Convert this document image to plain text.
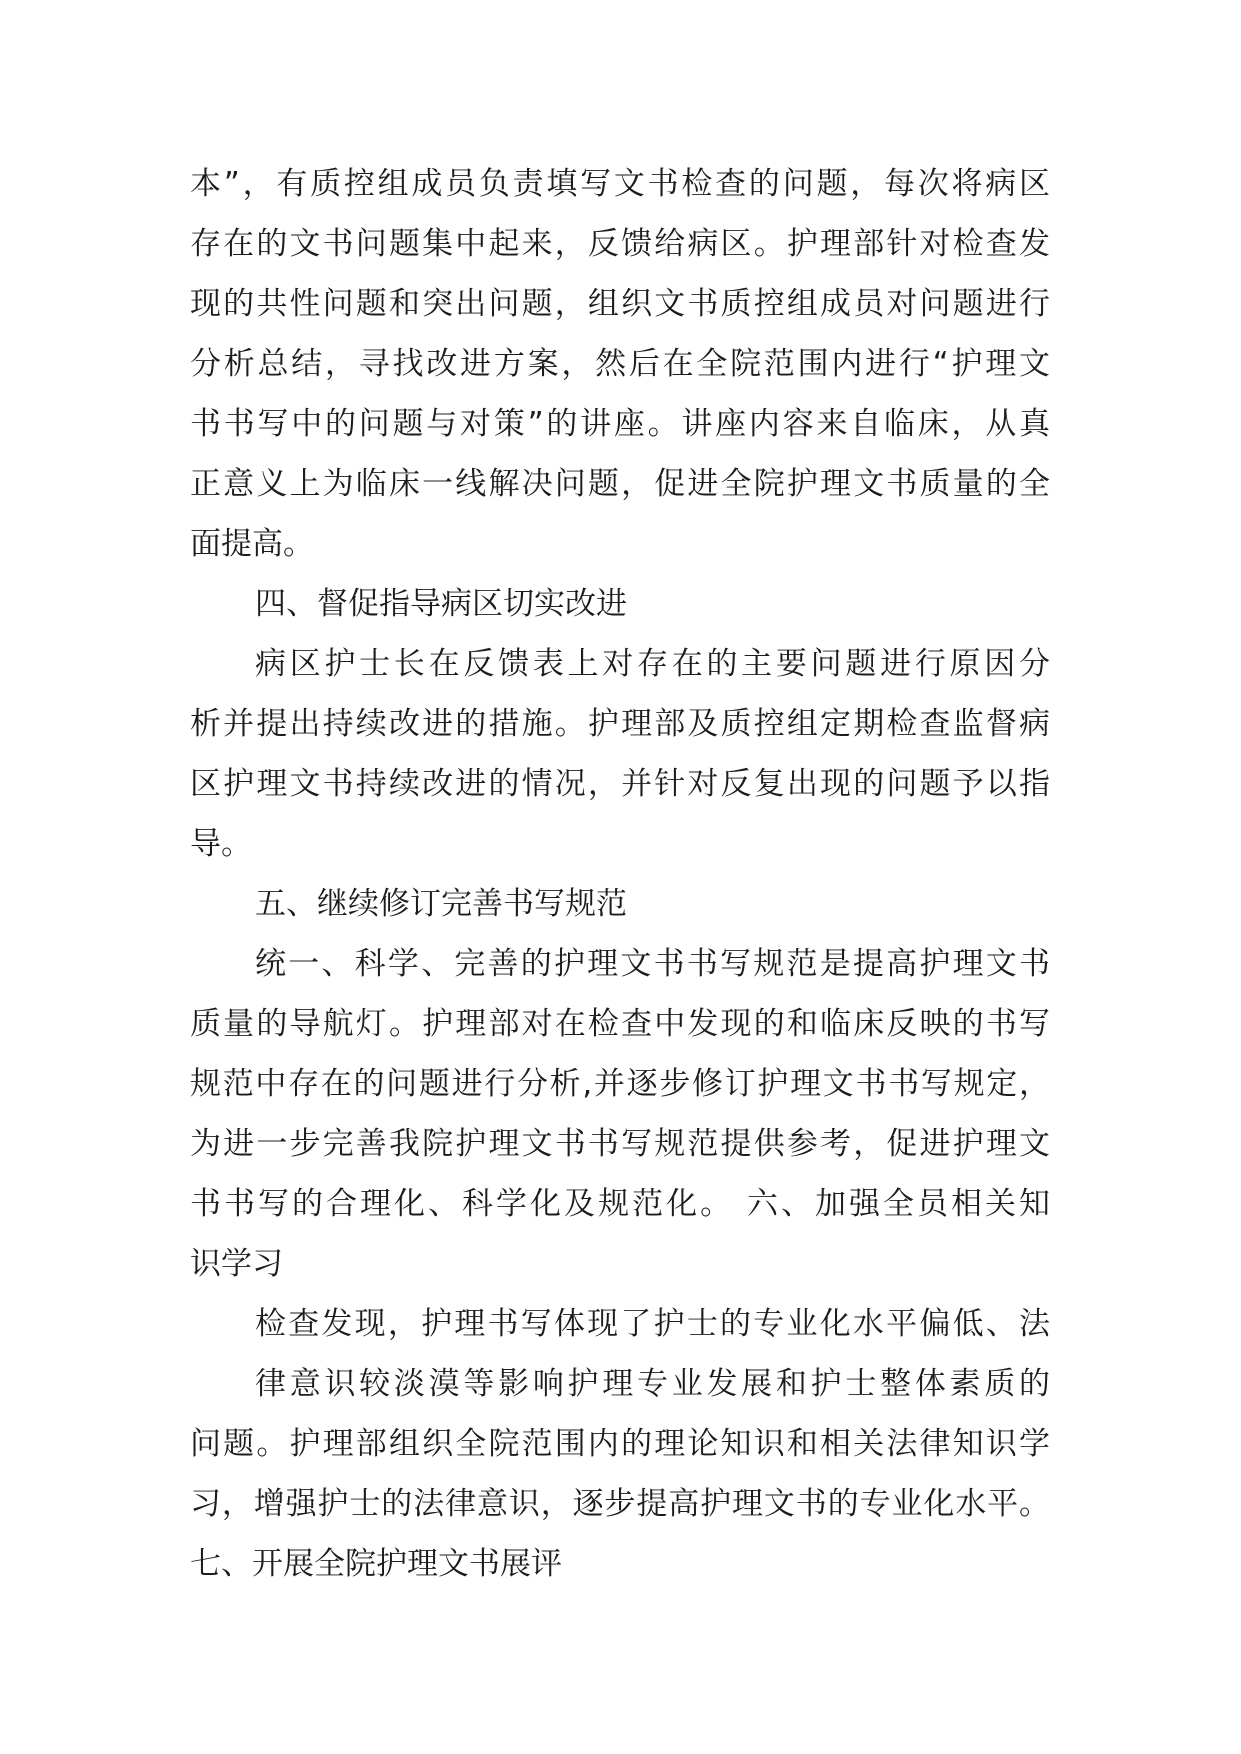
本”，有质控组成员负责填写文书检查的问题，每次将病区

存在的文书问题集中起来，反馈给病区。护理部针对检查发

现的共性问题和突出问题，组织文书质控组成员对问题进行

分析总结，寻找改进方案，然后在全院范围内进行“护理文

书书写中的问题与对策”的讲座。讲座内容来自临床，从真

正意义上为临床一线解决问题，促进全院护理文书质量的全

面提高。

四、督促指导病区切实改进

病区护士长在反馈表上对存在的主要问题进行原因分

析并提出持续改进的措施。护理部及质控组定期检查监督病

区护理文书持续改进的情况，并针对反复出现的问题予以指

导。

五、继续修订完善书写规范

统一、科学、完善的护理文书书写规范是提高护理文书

质量的导航灯。护理部对在检查中发现的和临床反映的书写

规范中存在的问题进行分析,并逐步修订护理文书书写规定，

为进一步完善我院护理文书书写规范提供参考，促进护理文

书书写的合理化、科学化及规范化。 六、加强全员相关知

识学习

检查发现，护理书写体现了护士的专业化水平偏低、法

律意识较淡漠等影响护理专业发展和护士整体素质的

问题。护理部组织全院范围内的理论知识和相关法律知识学

习，增强护士的法律意识，逐步提高护理文书的专业化水平。

七、开展全院护理文书展评
